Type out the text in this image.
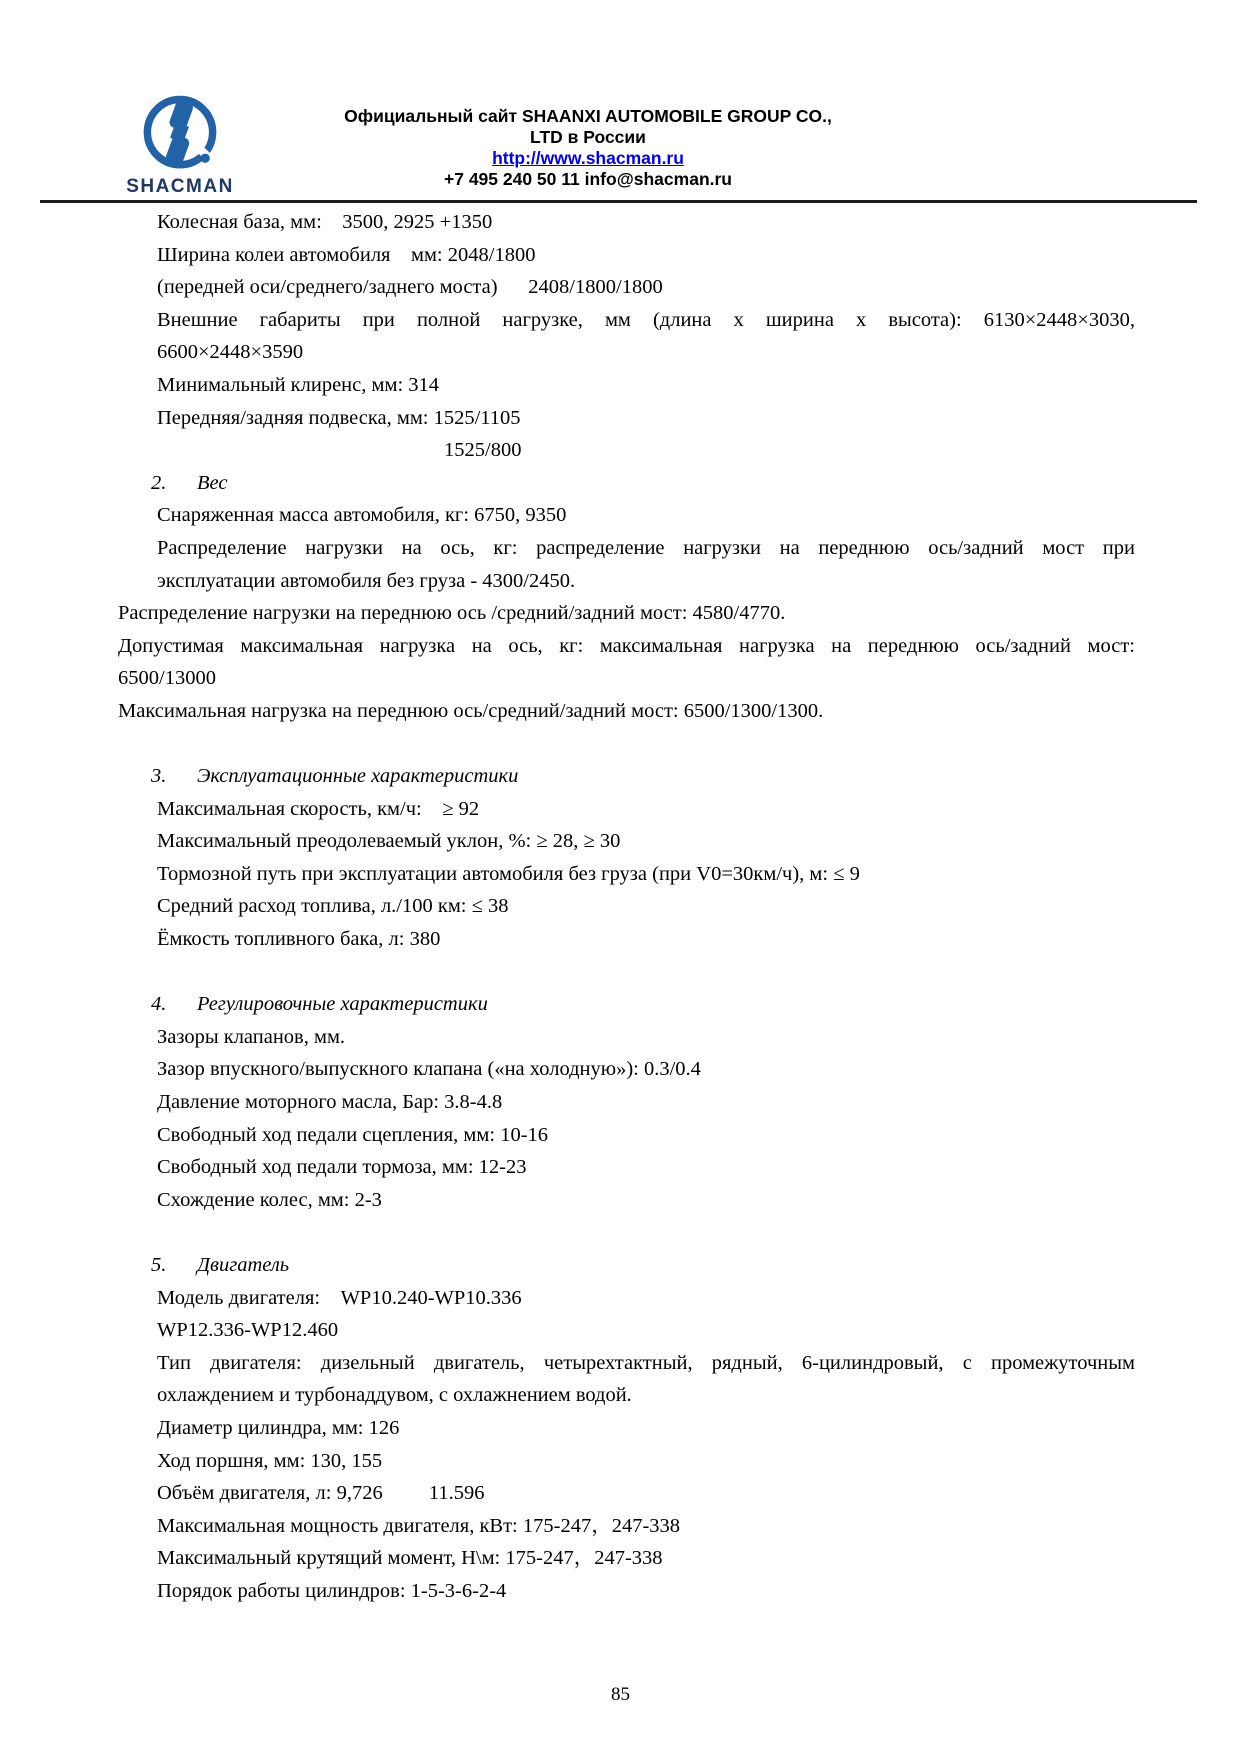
SHACMAN
Официальный сайт SHAANXI AUTOMOBILE GROUP CO.,
LTD в России
http://www.shacman.ru
+7 495 240 50 11 info@shacman.ru
Колесная база, мм:    3500, 2925 +1350
Ширина колеи автомобиля    мм: 2048/1800
(передней оси/среднего/заднего моста)      2408/1800/1800
Внешние габариты при полной нагрузке, мм (длина х ширина х высота): 6130×2448×3030,
6600×2448×3590
Минимальный клиренс, мм: 314
Передняя/задняя подвеска, мм: 1525/1105
1525/800
2. Вес
Снаряженная масса автомобиля, кг: 6750, 9350
Распределение нагрузки на ось, кг: распределение нагрузки на переднюю ось/задний мост при
эксплуатации автомобиля без груза - 4300/2450.
Распределение нагрузки на переднюю ось /средний/задний мост: 4580/4770.
Допустимая максимальная нагрузка на ось, кг: максимальная нагрузка на переднюю ось/задний мост:
6500/13000
Максимальная нагрузка на переднюю ось/средний/задний мост: 6500/1300/1300.
3. Эксплуатационные характеристики
Максимальная скорость, км/ч:    ≥ 92
Максимальный преодолеваемый уклон, %: ≥ 28, ≥ 30
Тормозной путь при эксплуатации автомобиля без груза (при V0=30км/ч), м: ≤ 9
Средний расход топлива, л./100 км: ≤ 38
Ёмкость топливного бака, л: 380
4. Регулировочные характеристики
Зазоры клапанов, мм.
Зазор впускного/выпускного клапана («на холодную»): 0.3/0.4
Давление моторного масла, Бар: 3.8-4.8
Свободный ход педали сцепления, мм: 10-16
Свободный ход педали тормоза, мм: 12-23
Схождение колес, мм: 2-3
5. Двигатель
Модель двигателя:    WP10.240-WP10.336
WP12.336-WP12.460
Тип двигателя: дизельный двигатель, четырехтактный, рядный, 6-цилиндровый, с промежуточным
охлаждением и турбонаддувом, с охлажнением водой.
Диаметр цилиндра, мм: 126
Ход поршня, мм: 130, 155
Объём двигателя, л: 9,726         11.596
Максимальная мощность двигателя, кВт: 175-247，247-338
Максимальный крутящий момент, Н\м: 175-247，247-338
Порядок работы цилиндров: 1-5-3-6-2-4
85
